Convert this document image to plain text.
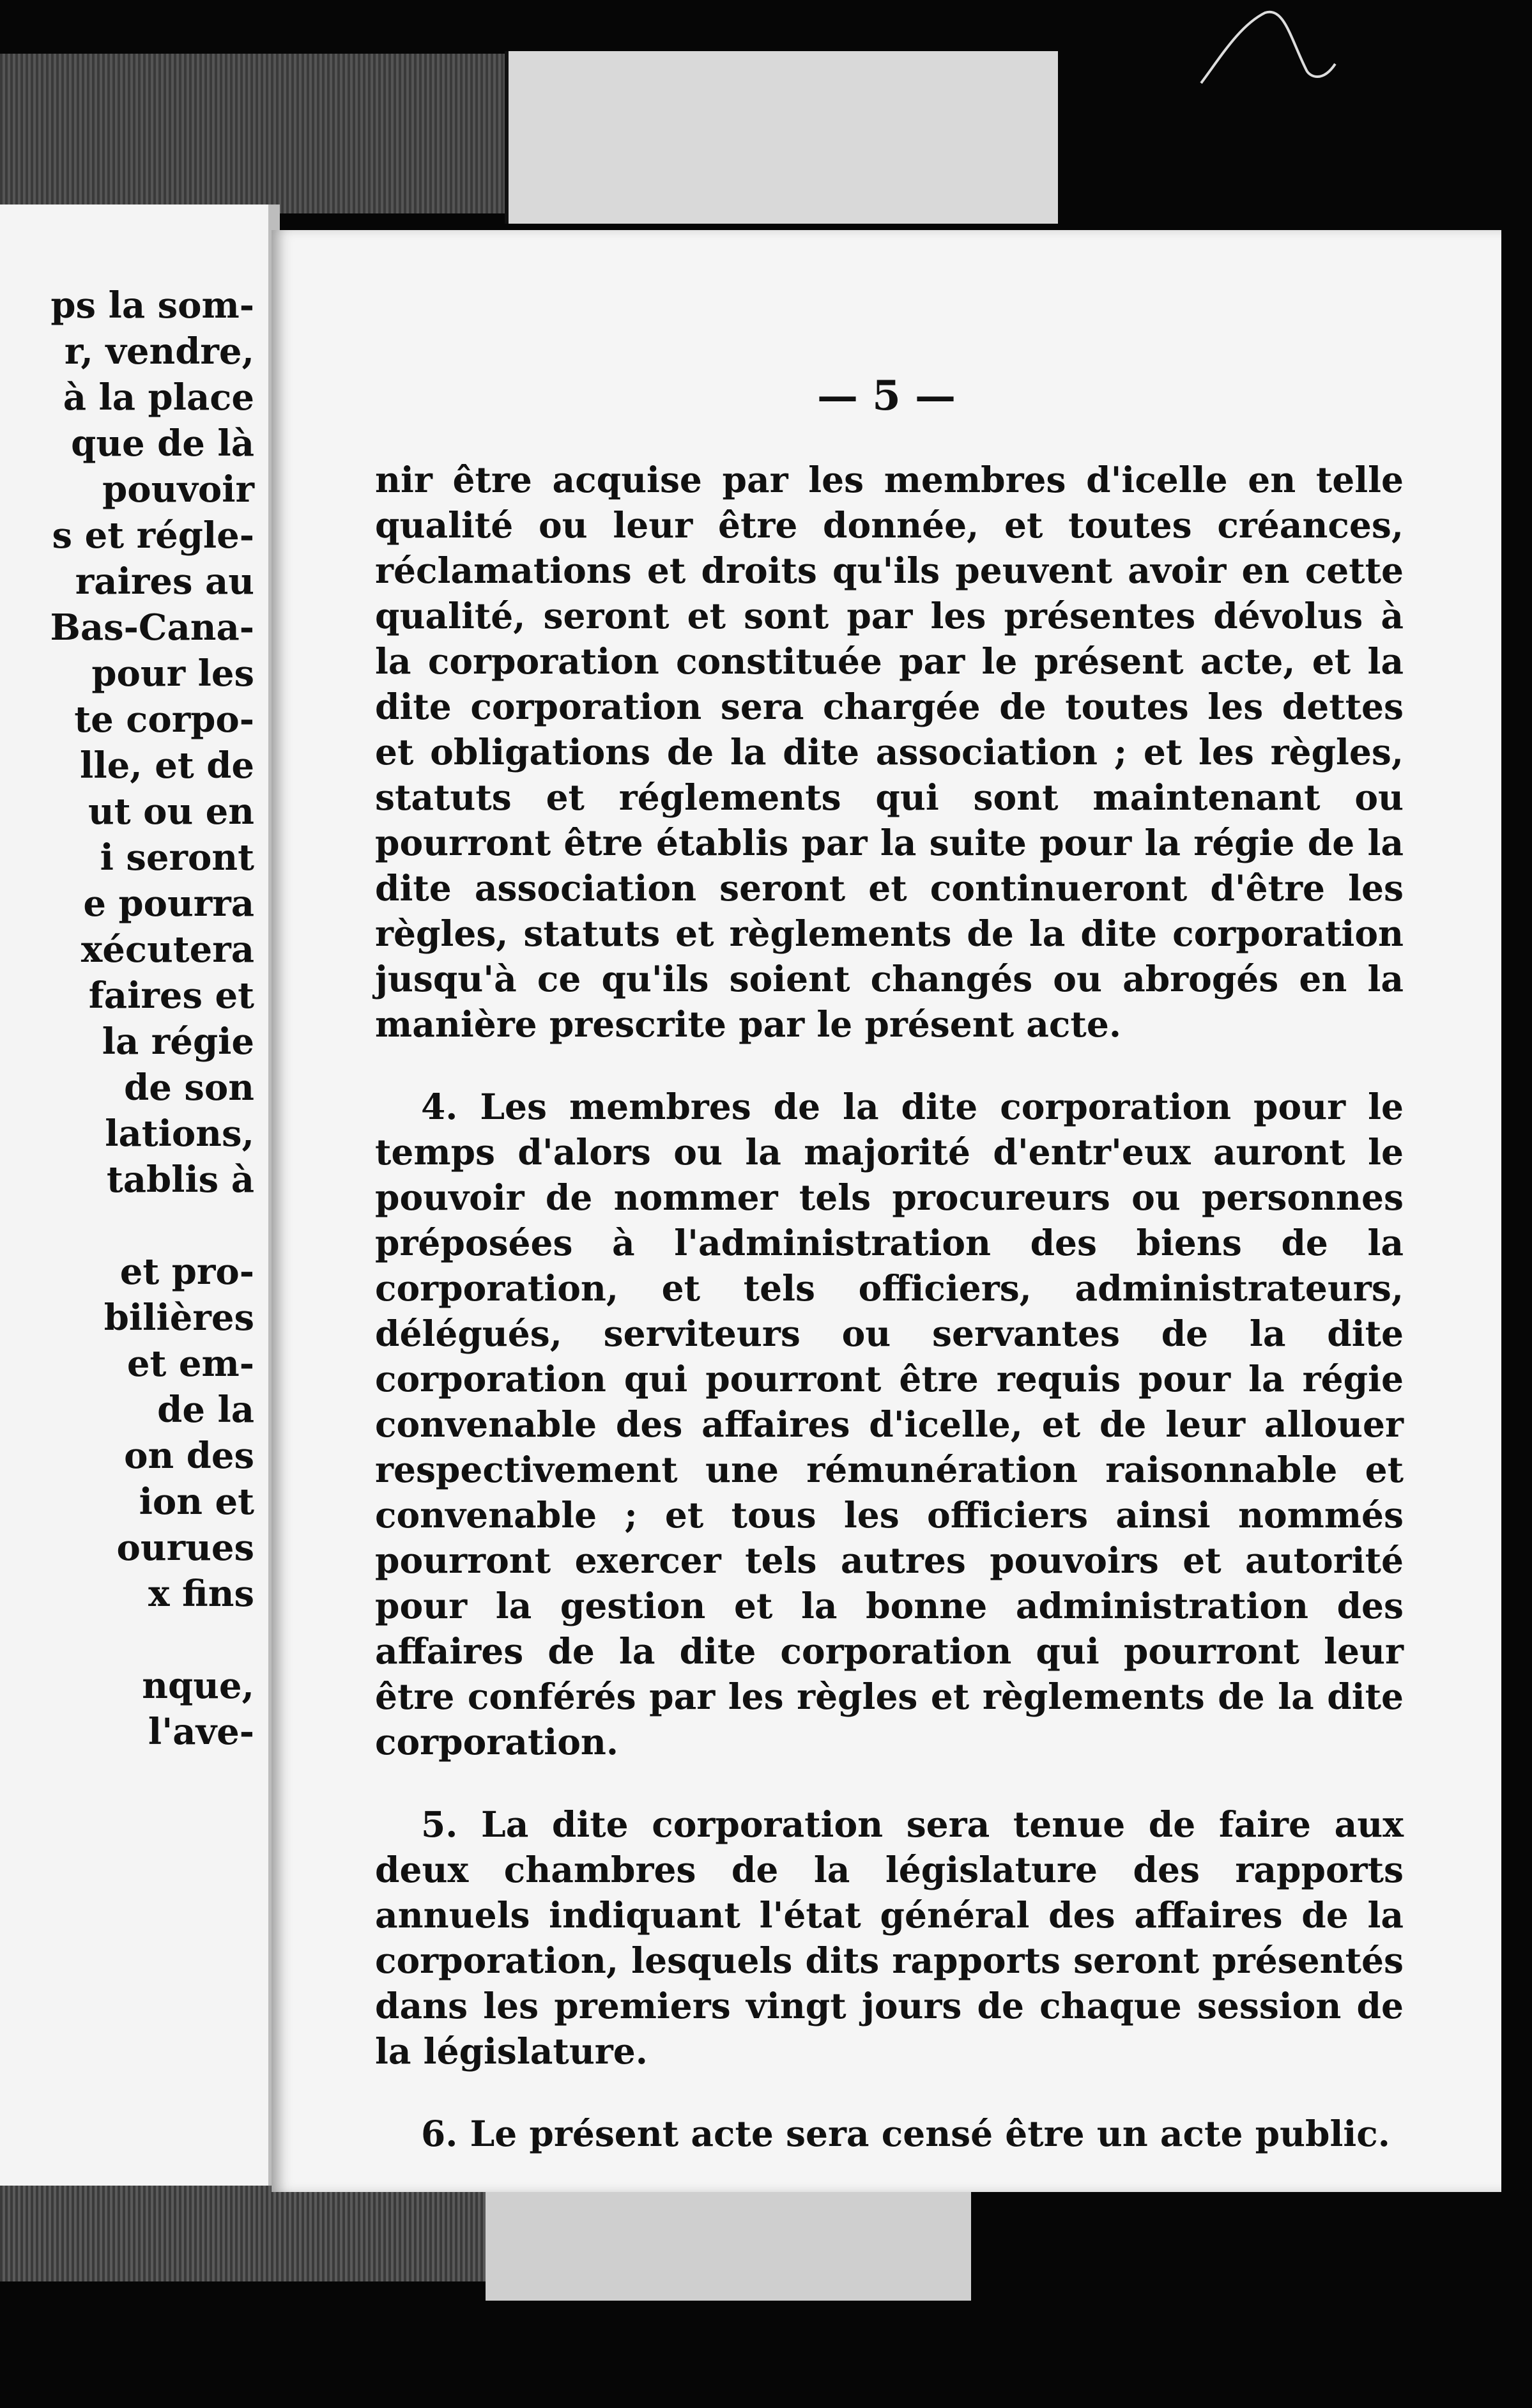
ps la som-
r, vendre,
à la place
que de là
pouvoir
s et régle-
raires au
Bas-Cana-
pour les
te corpo-
lle, et de
ut ou en
i seront
e pourra
xécutera
faires et
la régie
de son
lations,
tablis à
et pro-
bilières
et em-
de la
on des
ion et
ourues
x fins
nque,
l'ave-
— 5 —

nir être acquise par les membres d'icelle en telle qualité ou leur être donnée, et toutes créances, réclamations et droits qu'ils peuvent avoir en cette qualité, seront et sont par les présentes dévolus à la corporation constituée par le présent acte, et la dite corporation sera chargée de toutes les dettes et obligations de la dite association ; et les règles, statuts et réglements qui sont maintenant ou pourront être établis par la suite pour la régie de la dite association seront et continueront d'être les règles, statuts et règlements de la dite corporation jusqu'à ce qu'ils soient changés ou abrogés en la manière prescrite par le présent acte.

4. Les membres de la dite corporation pour le temps d'alors ou la majorité d'entr'eux auront le pouvoir de nommer tels procureurs ou personnes préposées à l'administration des biens de la corporation, et tels officiers, administrateurs, délégués, serviteurs ou servantes de la dite corporation qui pourront être requis pour la régie convenable des affaires d'icelle, et de leur allouer respectivement une rémunération raisonnable et convenable ; et tous les officiers ainsi nommés pourront exercer tels autres pouvoirs et autorité pour la gestion et la bonne administration des affaires de la dite corporation qui pourront leur être conférés par les règles et règlements de la dite corporation.

5. La dite corporation sera tenue de faire aux deux chambres de la législature des rapports annuels indiquant l'état général des affaires de la corporation, lesquels dits rapports seront présentés dans les premiers vingt jours de chaque session de la législature.

6. Le présent acte sera censé être un acte public.
